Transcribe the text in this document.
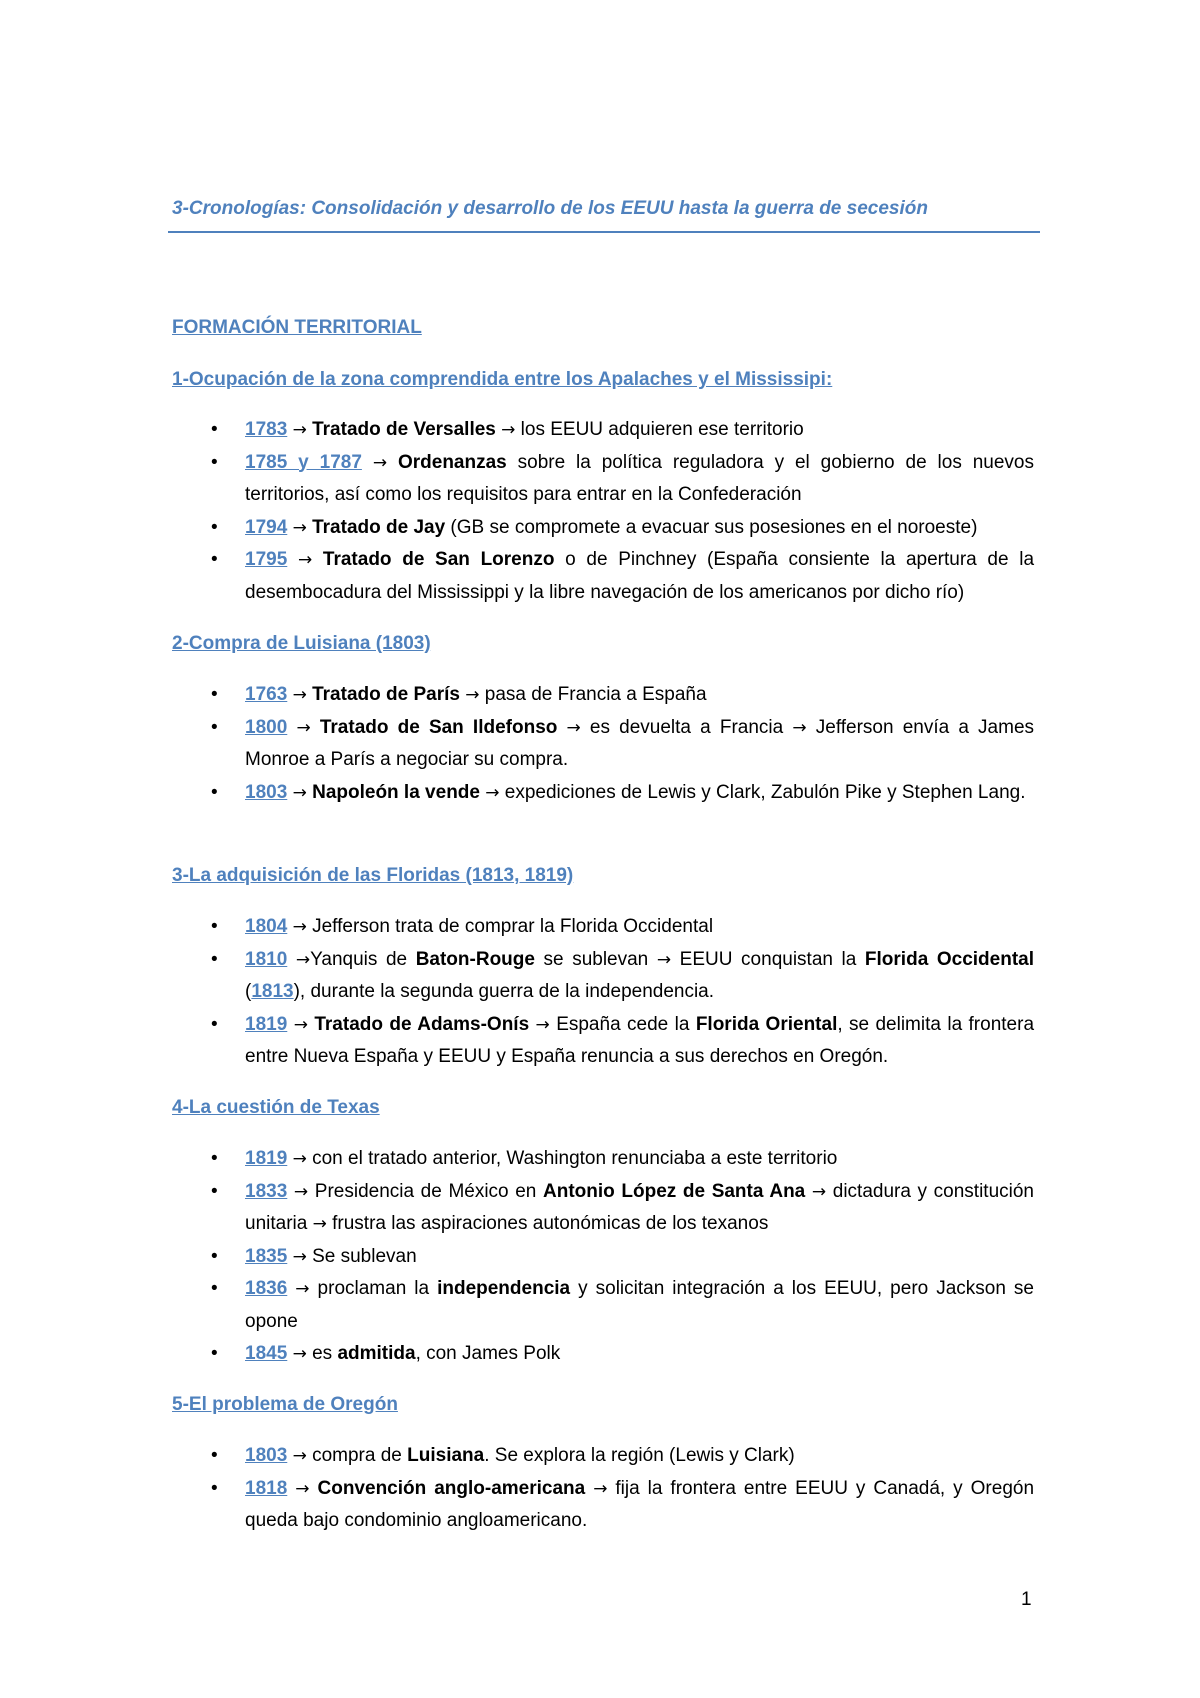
3-Cronologías: Consolidación y desarrollo de los EEUU hasta la guerra de secesión
FORMACIÓN TERRITORIAL
1-Ocupación de la zona comprendida entre los Apalaches y el Mississipi:
• 1783 → Tratado de Versalles → los EEUU adquieren ese territorio
• 1785 y 1787 → Ordenanzas sobre la política reguladora y el gobierno de los nuevos territorios, así como los requisitos para entrar en la Confederación
• 1794 → Tratado de Jay (GB se compromete a evacuar sus posesiones en el noroeste)
• 1795 → Tratado de San Lorenzo o de Pinchney (España consiente la apertura de la desembocadura del Mississippi y la libre navegación de los americanos por dicho río)
2-Compra de Luisiana (1803)
• 1763 → Tratado de París → pasa de Francia a España
• 1800 → Tratado de San Ildefonso → es devuelta a Francia → Jefferson envía a James Monroe a París a negociar su compra.
• 1803 → Napoleón la vende → expediciones de Lewis y Clark, Zabulón Pike y Stephen Lang.
3-La adquisición de las Floridas (1813, 1819)
• 1804 → Jefferson trata de comprar la Florida Occidental
• 1810 →Yanquis de Baton-Rouge se sublevan → EEUU conquistan la Florida Occidental (1813), durante la segunda guerra de la independencia.
• 1819 → Tratado de Adams-Onís → España cede la Florida Oriental, se delimita la frontera entre Nueva España y EEUU y España renuncia a sus derechos en Oregón.
4-La cuestión de Texas
• 1819 → con el tratado anterior, Washington renunciaba a este territorio
• 1833 → Presidencia de México en Antonio López de Santa Ana → dictadura y constitución unitaria → frustra las aspiraciones autonómicas de los texanos
• 1835 → Se sublevan
• 1836 → proclaman la independencia y solicitan integración a los EEUU, pero Jackson se opone
• 1845 → es admitida, con James Polk
5-El problema de Oregón
• 1803 → compra de Luisiana. Se explora la región (Lewis y Clark)
• 1818 → Convención anglo-americana → fija la frontera entre EEUU y Canadá, y Oregón queda bajo condominio angloamericano.
1
